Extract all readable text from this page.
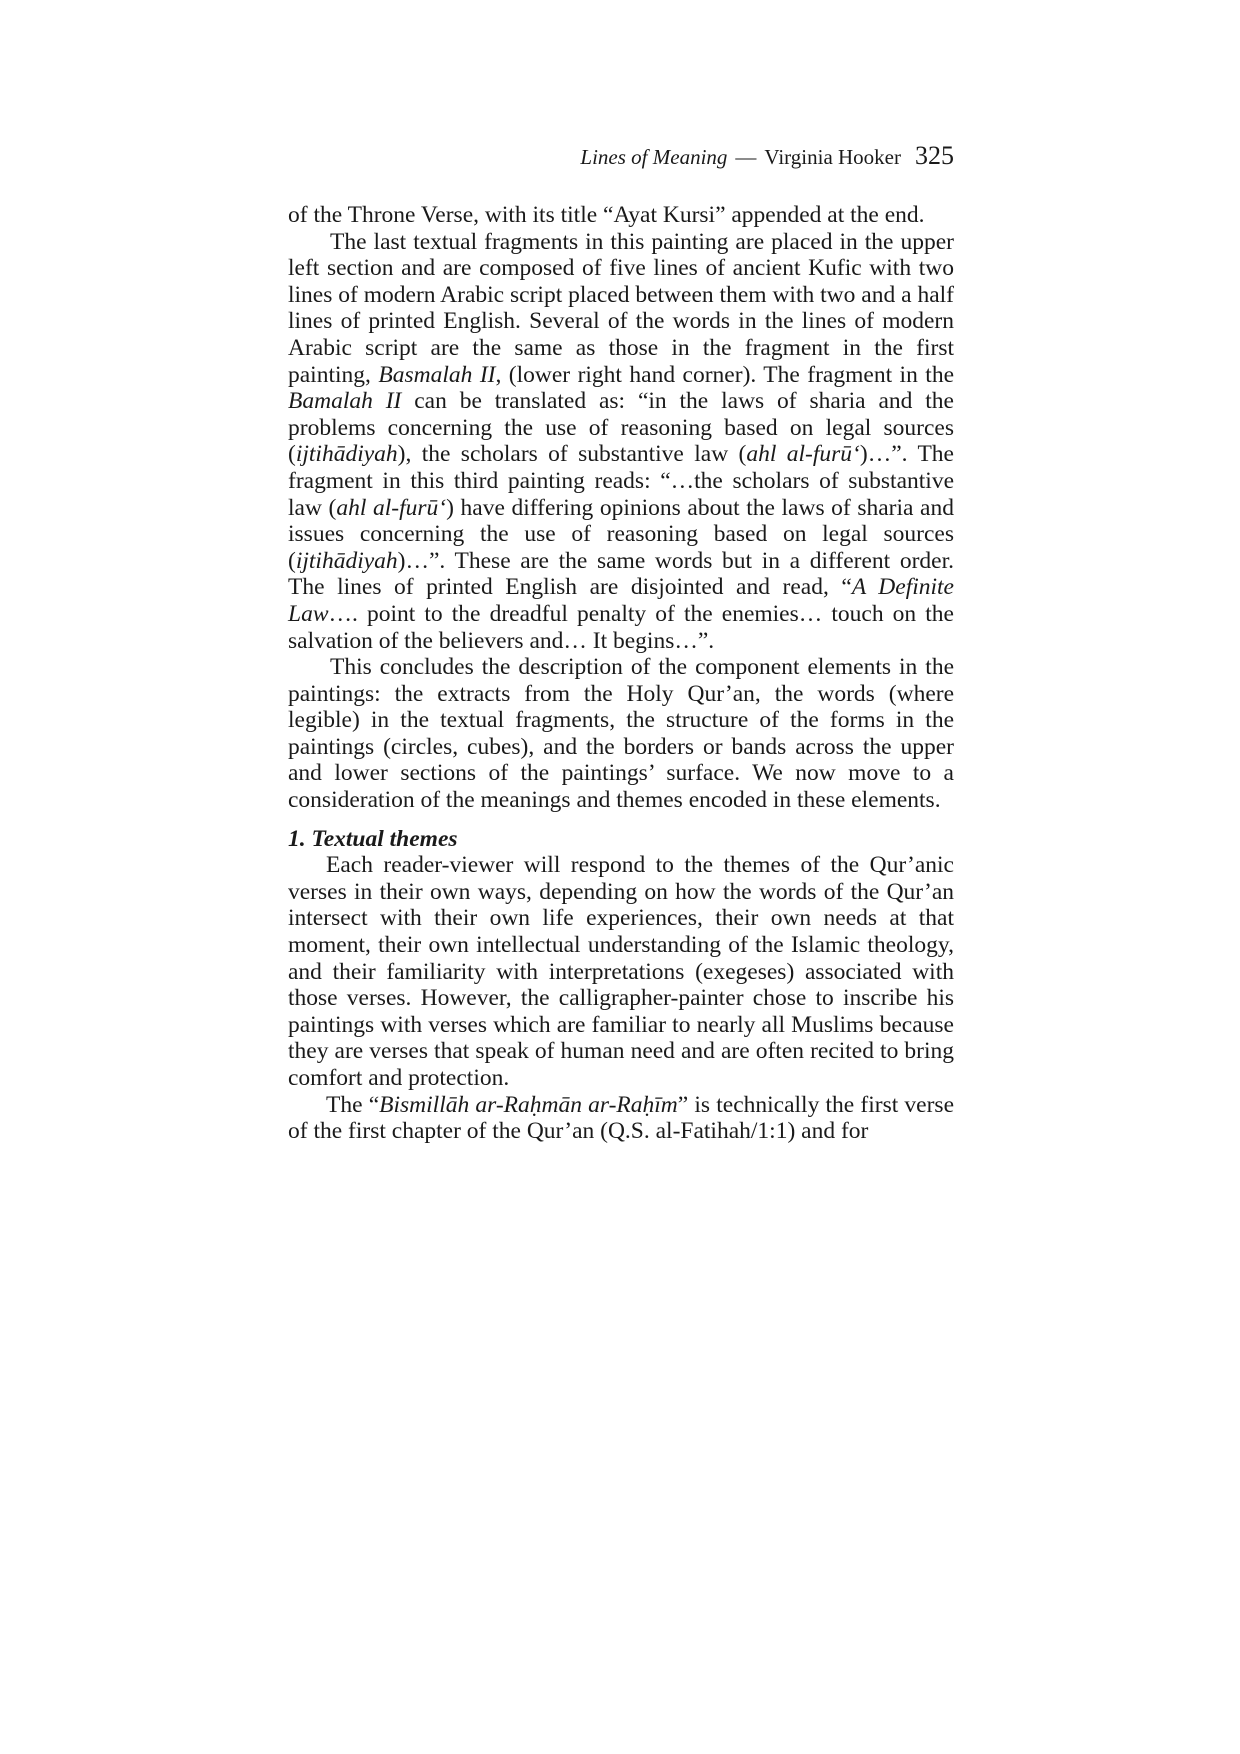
Lines of Meaning — Virginia Hooker 325

of the Throne Verse, with its title “Ayat Kursi” appended at the end.

The last textual fragments in this painting are placed in the upper left section and are composed of five lines of ancient Kufic with two lines of modern Arabic script placed between them with two and a half lines of printed English. Several of the words in the lines of modern Arabic script are the same as those in the fragment in the first painting, Basmalah II, (lower right hand corner). The fragment in the Bamalah II can be translated as: “in the laws of sharia and the problems concerning the use of reasoning based on legal sources (ijtihādiyah), the scholars of substantive law (ahl al-furū‘)…”. The fragment in this third painting reads: “…the scholars of substantive law (ahl al-furū‘) have differing opinions about the laws of sharia and issues concerning the use of reasoning based on legal sources (ijtihādiyah)…”. These are the same words but in a different order. The lines of printed English are disjointed and read, “A Definite Law…. point to the dreadful penalty of the enemies… touch on the salvation of the believers and… It begins…”.

This concludes the description of the component elements in the paintings: the extracts from the Holy Qur’an, the words (where legible) in the textual fragments, the structure of the forms in the paintings (circles, cubes), and the borders or bands across the upper and lower sections of the paintings’ surface. We now move to a consideration of the meanings and themes encoded in these elements.

1. Textual themes

Each reader-viewer will respond to the themes of the Qur’anic verses in their own ways, depending on how the words of the Qur’an intersect with their own life experiences, their own needs at that moment, their own intellectual understanding of the Islamic theology, and their familiarity with interpretations (exegeses) associated with those verses. However, the calligrapher-painter chose to inscribe his paintings with verses which are familiar to nearly all Muslims because they are verses that speak of human need and are often recited to bring comfort and protection.

The “Bismillāh ar-Raḥmān ar-Raḥīm” is technically the first verse of the first chapter of the Qur’an (Q.S. al-Fatihah/1:1) and for
